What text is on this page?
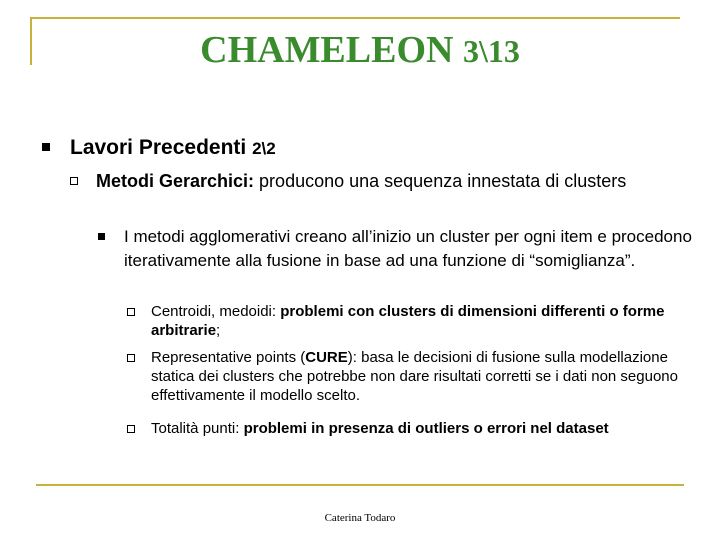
CHAMELEON 3\13
Lavori Precedenti 2\2
Metodi Gerarchici: producono una sequenza innestata di clusters
I metodi agglomerativi creano all’inizio un cluster per ogni item e procedono iterativamente alla fusione in base ad una funzione di “somiglianza”.
Centroidi, medoidi: problemi con clusters di dimensioni differenti o forme arbitrarie;
Representative points (CURE): basa le decisioni di fusione sulla modellazione statica dei clusters che potrebbe non dare risultati corretti se i dati non seguono effettivamente il modello scelto.
Totalità punti: problemi in presenza di outliers o errori nel dataset
Caterina Todaro
